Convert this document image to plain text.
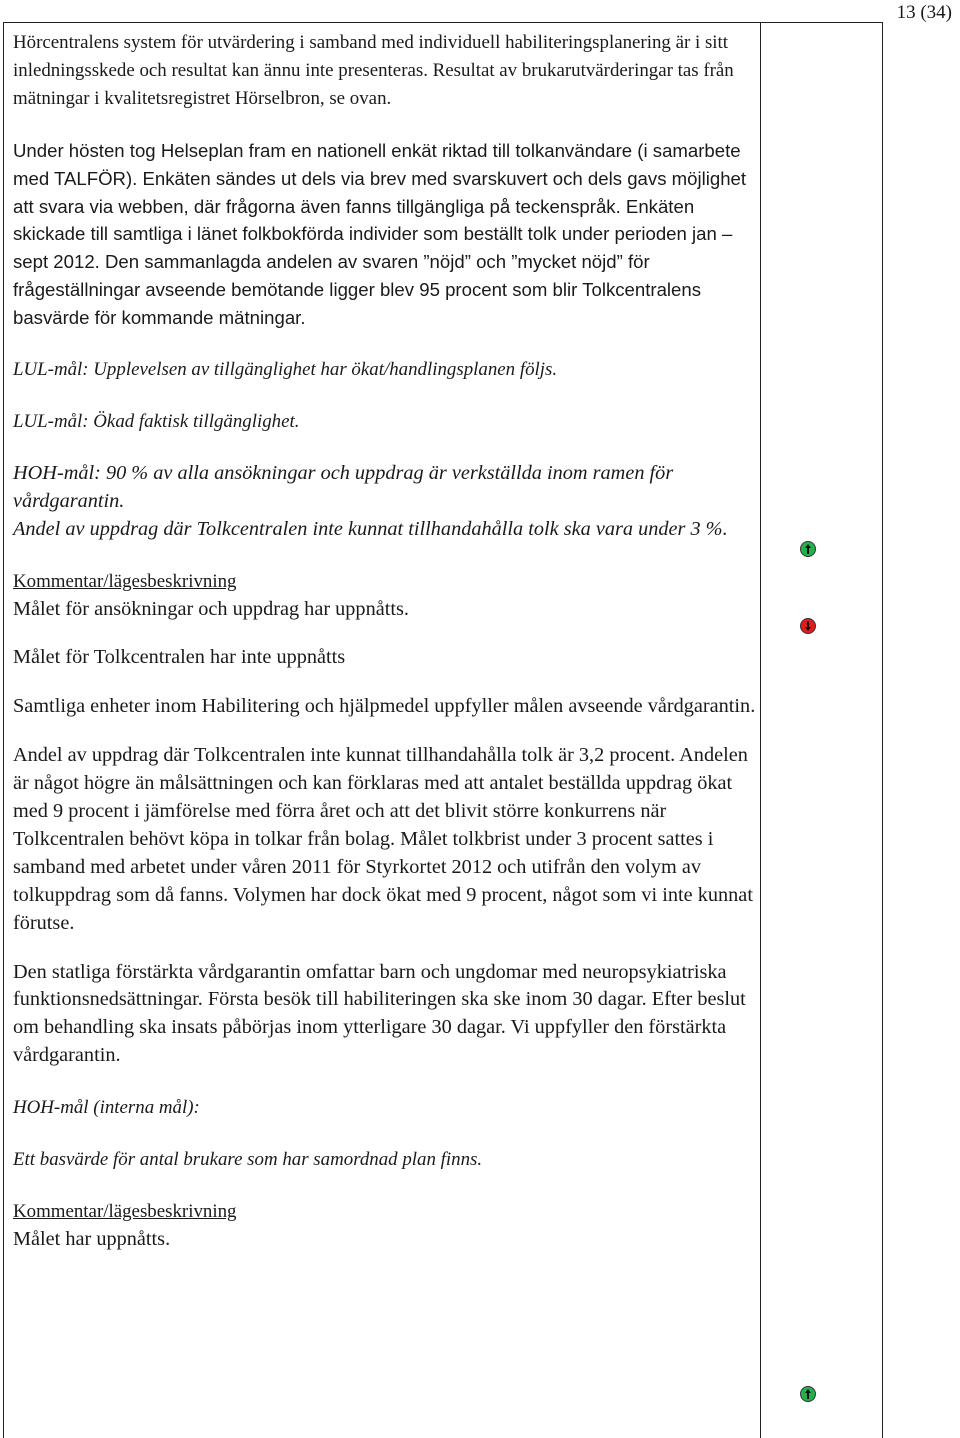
13 (34)

Hörcentralens system för utvärdering i samband med individuell habiliteringsplanering är i sitt inledningsskede och resultat kan ännu inte presenteras. Resultat av brukarutvärderingar tas från mätningar i kvalitetsregistret Hörselbron, se ovan.

Under hösten tog Helseplan fram en nationell enkät riktad till tolkanvändare (i samarbete med TALFÖR). Enkäten sändes ut dels via brev med svarskuvert och dels gavs möjlighet att svara via webben, där frågorna även fanns tillgängliga på teckenspråk. Enkäten skickade till samtliga i länet folkbokförda individer som beställt tolk under perioden jan – sept 2012. Den sammanlagda andelen av svaren ”nöjd” och ”mycket nöjd” för frågeställningar avseende bemötande ligger blev 95 procent som blir Tolkcentralens basvärde för kommande mätningar.

LUL-mål: Upplevelsen av tillgänglighet har ökat/handlingsplanen följs.

LUL-mål: Ökad faktisk tillgänglighet.

HOH-mål: 90 % av alla ansökningar och uppdrag är verkställda inom ramen för vårdgarantin.

Andel av uppdrag där Tolkcentralen inte kunnat tillhandahålla tolk ska vara under 3 %.

Kommentar/lägesbeskrivning

Målet för ansökningar och uppdrag har uppnåtts.

Målet för Tolkcentralen har inte uppnåtts

Samtliga enheter inom Habilitering och hjälpmedel uppfyller målen avseende vårdgarantin.

Andel av uppdrag där Tolkcentralen inte kunnat tillhandahålla tolk är 3,2 procent. Andelen är något högre än målsättningen och kan förklaras med att antalet beställda uppdrag ökat med 9 procent i jämförelse med förra året och att det blivit större konkurrens när Tolkcentralen behövt köpa in tolkar från bolag. Målet tolkbrist under 3 procent sattes i samband med arbetet under våren 2011 för Styrkortet 2012 och utifrån den volym av tolkuppdrag som då fanns. Volymen har dock ökat med 9 procent, något som vi inte kunnat förutse.

Den statliga förstärkta vårdgarantin omfattar barn och ungdomar med neuropsykiatriska funktionsnedsättningar. Första besök till habiliteringen ska ske inom 30 dagar. Efter beslut om behandling ska insats påbörjas inom ytterligare 30 dagar. Vi uppfyller den förstärkta vårdgarantin.

HOH-mål (interna mål):

Ett basvärde för antal brukare som har samordnad plan finns.

Kommentar/lägesbeskrivning

Målet har uppnåtts.
